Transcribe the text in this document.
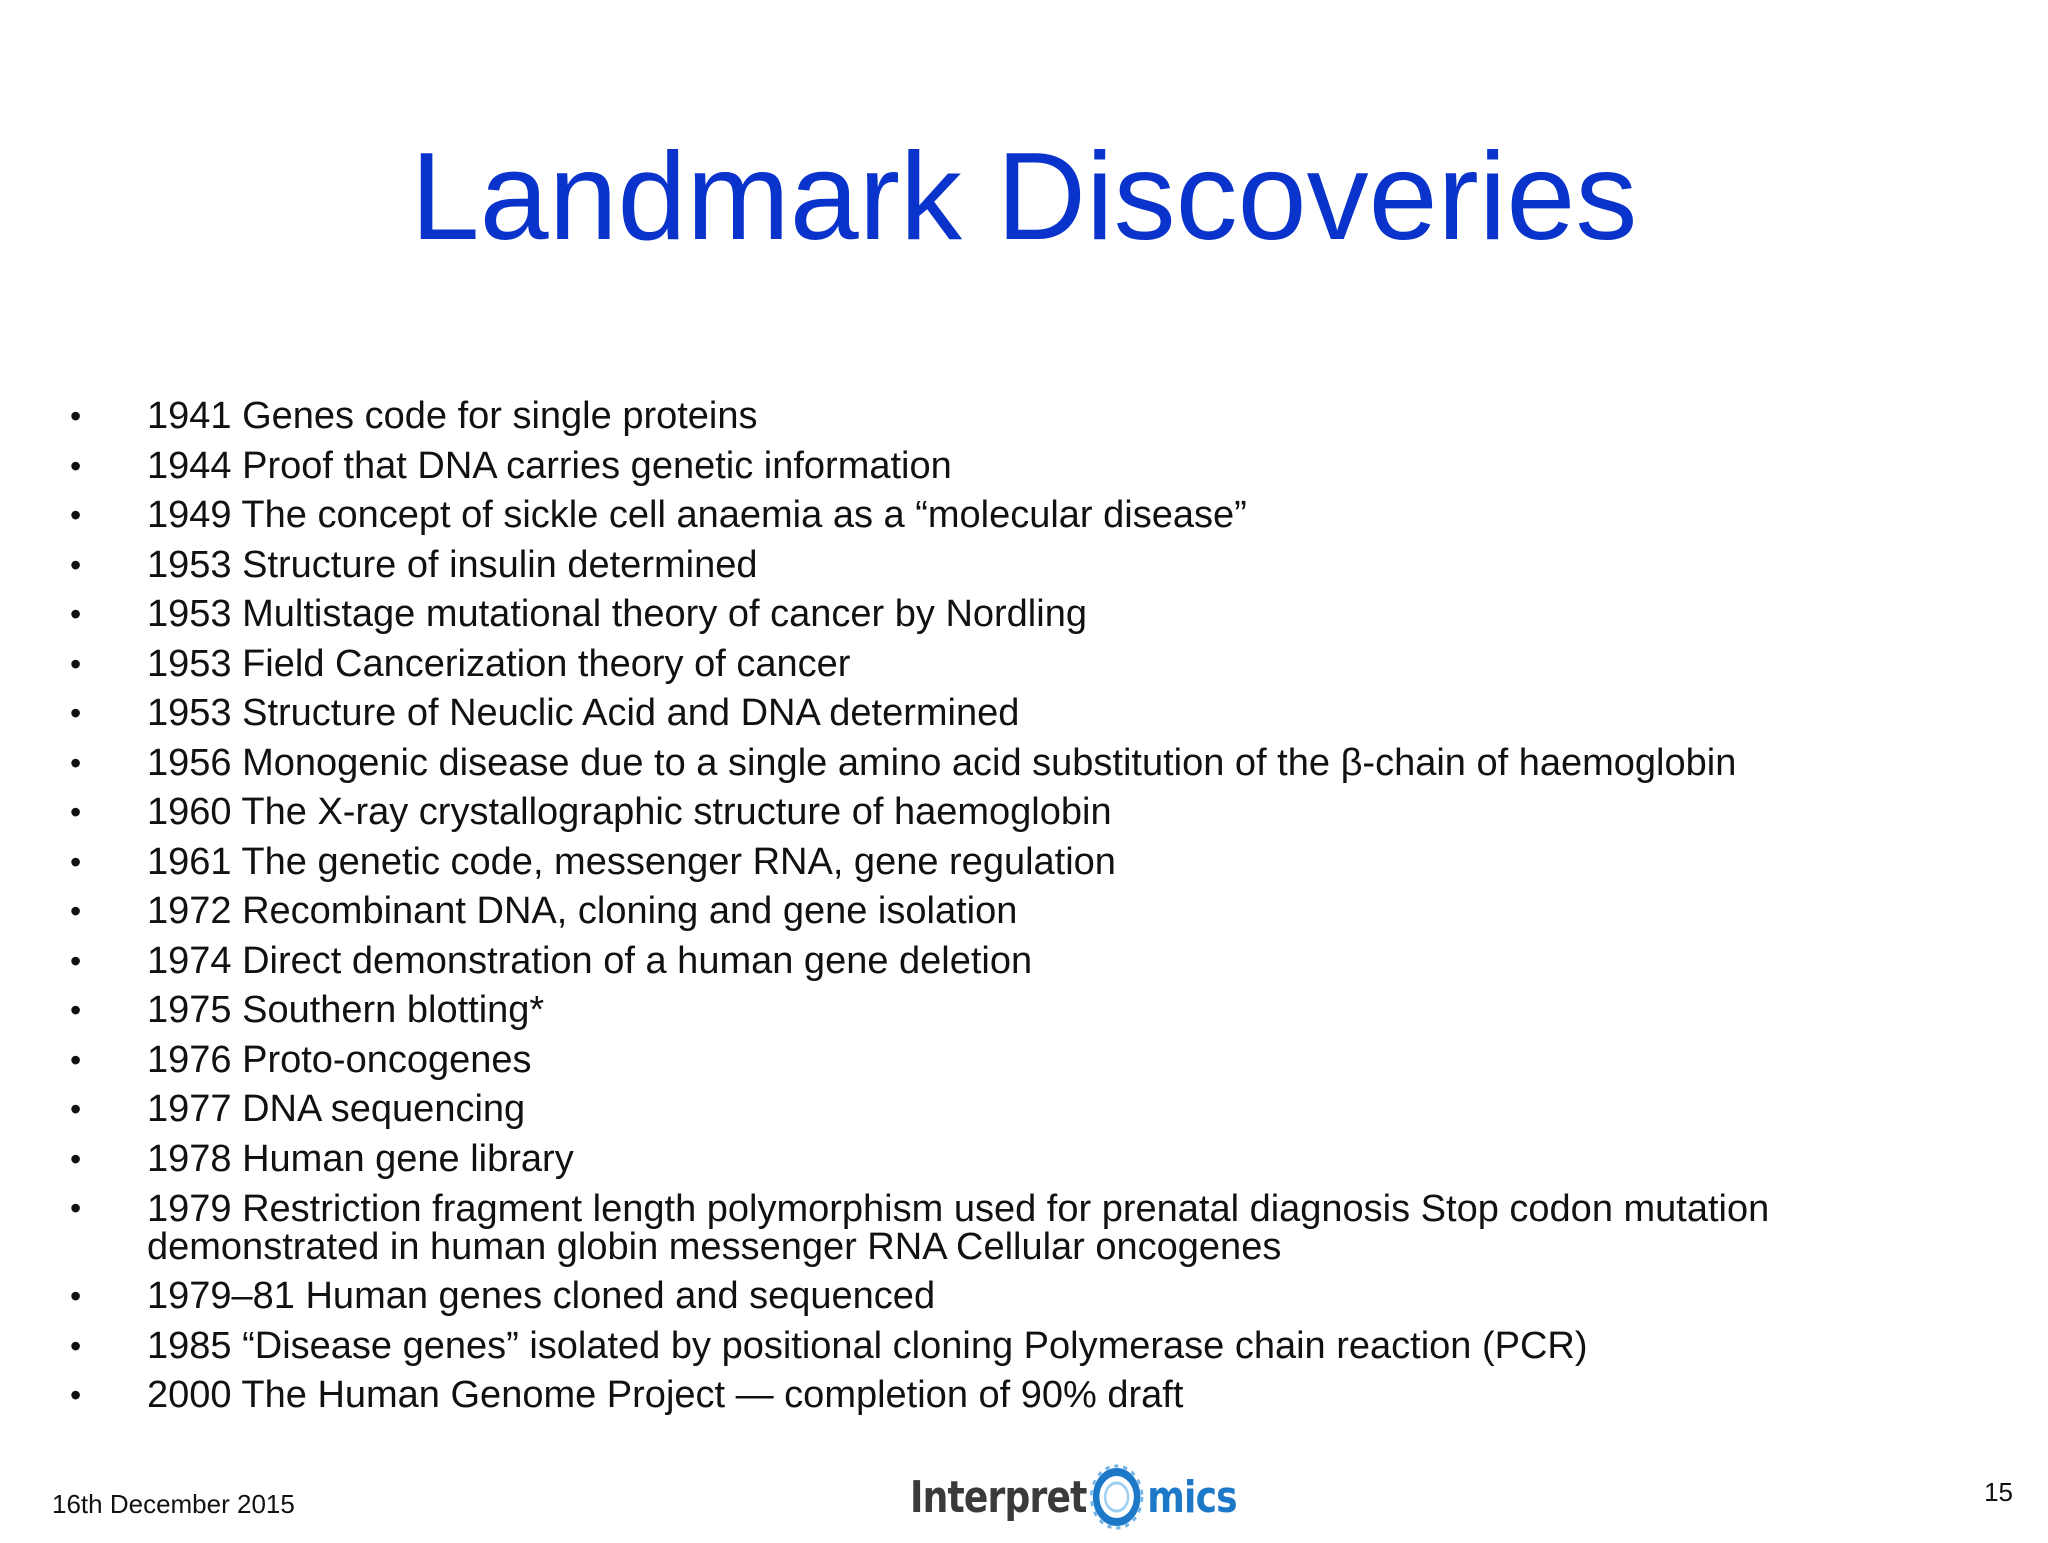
Landmark Discoveries
•	1941 Genes code for single proteins
•	1944 Proof that DNA carries genetic information
•	1949 The concept of sickle cell anaemia as a “molecular disease”
•	1953 Structure of insulin determined
•	1953 Multistage mutational theory of cancer by Nordling
•	1953 Field Cancerization theory of cancer
•	1953 Structure of Neuclic Acid and DNA determined
•	1956 Monogenic disease due to a single amino acid substitution of the β-chain of haemoglobin
•	1960 The X-ray crystallographic structure of haemoglobin
•	1961 The genetic code, messenger RNA, gene regulation
•	1972 Recombinant DNA, cloning and gene isolation
•	1974 Direct demonstration of a human gene deletion
•	1975 Southern blotting*
•	1976 Proto-oncogenes
•	1977 DNA sequencing
•	1978 Human gene library
•	1979 Restriction fragment length polymorphism used for prenatal diagnosis Stop codon mutation demonstrated in human globin messenger RNA Cellular oncogenes
•	1979–81 Human genes cloned and sequenced
•	1985 “Disease genes” isolated by positional cloning Polymerase chain reaction (PCR)
•	2000 The Human Genome Project — completion of 90% draft
16th December 2015	Interpret mics	15
